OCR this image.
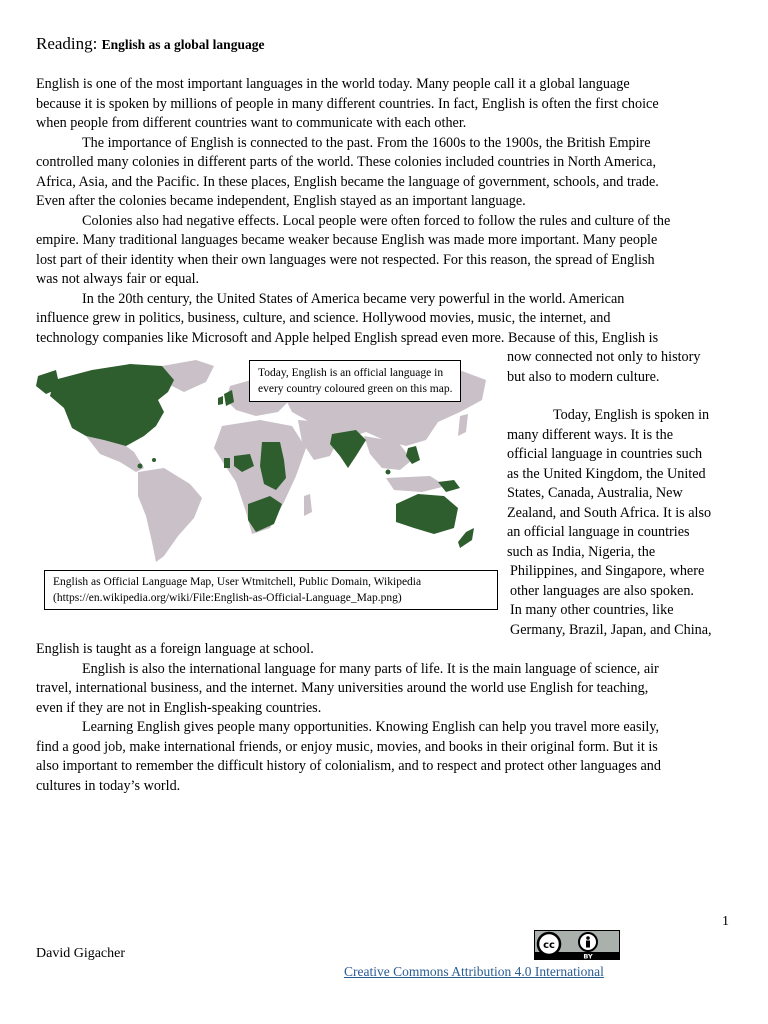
Reading: English as a global language
English is one of the most important languages in the world today. Many people call it a global language
because it is spoken by millions of people in many different countries. In fact, English is often the first choice
when people from different countries want to communicate with each other.
The importance of English is connected to the past. From the 1600s to the 1900s, the British Empire
controlled many colonies in different parts of the world. These colonies included countries in North America,
Africa, Asia, and the Pacific. In these places, English became the language of government, schools, and trade.
Even after the colonies became independent, English stayed as an important language.
Colonies also had negative effects. Local people were often forced to follow the rules and culture of the
empire. Many traditional languages became weaker because English was made more important. Many people
lost part of their identity when their own languages were not respected. For this reason, the spread of English
was not always fair or equal.
In the 20th century, the United States of America became very powerful in the world. American
influence grew in politics, business, culture, and science. Hollywood movies, music, the internet, and
technology companies like Microsoft and Apple helped English spread even more. Because of this, English is
now connected not only to history
but also to modern culture.
Today, English is spoken in
many different ways. It is the
official language in countries such
as the United Kingdom, the United
States, Canada, Australia, New
Zealand, and South Africa. It is also
an official language in countries
such as India, Nigeria, the
Philippines, and Singapore, where
other languages are also spoken.
In many other countries, like
Germany, Brazil, Japan, and China,
Today, English is an official language in
every country coloured green on this map.
English as Official Language Map, User Wtmitchell, Public Domain, Wikipedia
(https://en.wikipedia.org/wiki/File:English-as-Official-Language_Map.png)
English is taught as a foreign language at school.
English is also the international language for many parts of life. It is the main language of science, air
travel, international business, and the internet. Many universities around the world use English for teaching,
even if they are not in English-speaking countries.
Learning English gives people many opportunities. Knowing English can help you travel more easily,
find a good job, make international friends, or enjoy music, movies, and books in their original form. But it is
also important to remember the difficult history of colonialism, and to respect and protect other languages and
cultures in today’s world.
1
cc
BY
David Gigacher
Creative Commons Attribution 4.0 International
